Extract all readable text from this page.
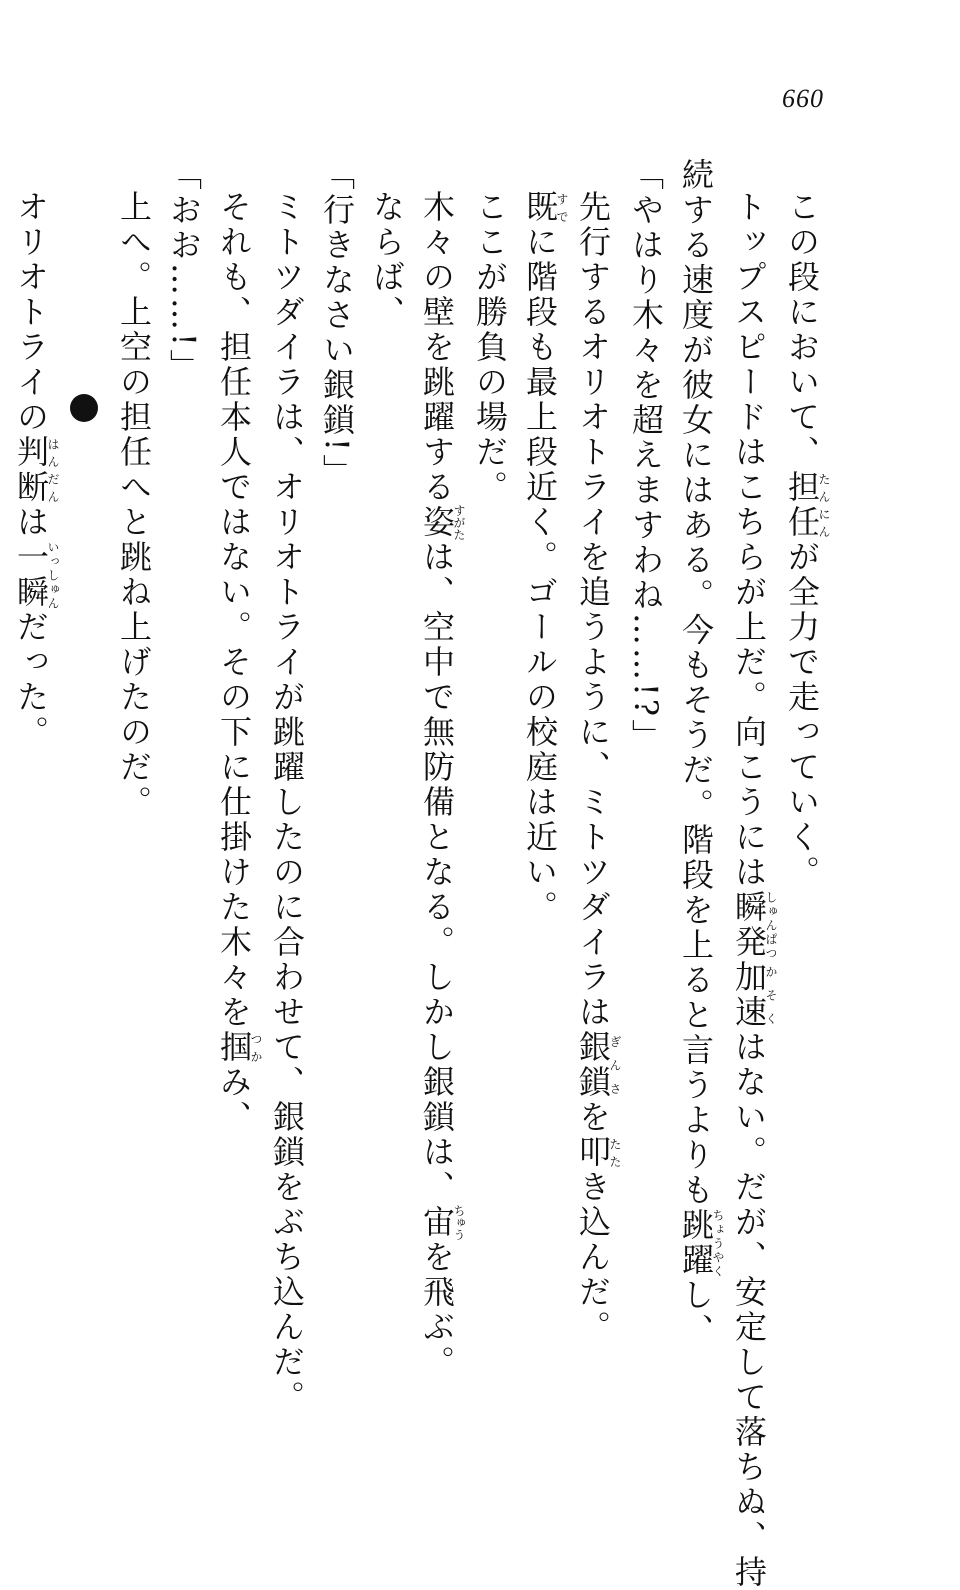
660
この段において、担任たんにんが全力で走っていく。
トップスピードはこちらが上だ。向こうには瞬発しゅんぱつ加速かそくはない。だが、安定して落ちぬ、持
続する速度が彼女にはある。今もそうだ。階段を上ると言うよりも跳躍ちょうやくし、
「やはり木々を超えますわね……!?」
先行するオリオトライを追うように、ミトツダイラは銀鎖ぎんさを叩たたき込んだ。
既すでに階段も最上段近く。ゴールの校庭は近い。
ここが勝負の場だ。
木々の壁を跳躍する姿すがたは、空中で無防備となる。しかし銀鎖は、宙ちゅうを飛ぶ。
ならば、
「行きなさい銀鎖!」
ミトツダイラは、オリオトライが跳躍したのに合わせて、銀鎖をぶち込んだ。
それも、担任本人ではない。その下に仕掛けた木々を掴つかみ、
「おお……!」
上へ。上空の担任へと跳ね上げたのだ。
オリオトライの判断はんだんは一瞬いっしゅんだった。
